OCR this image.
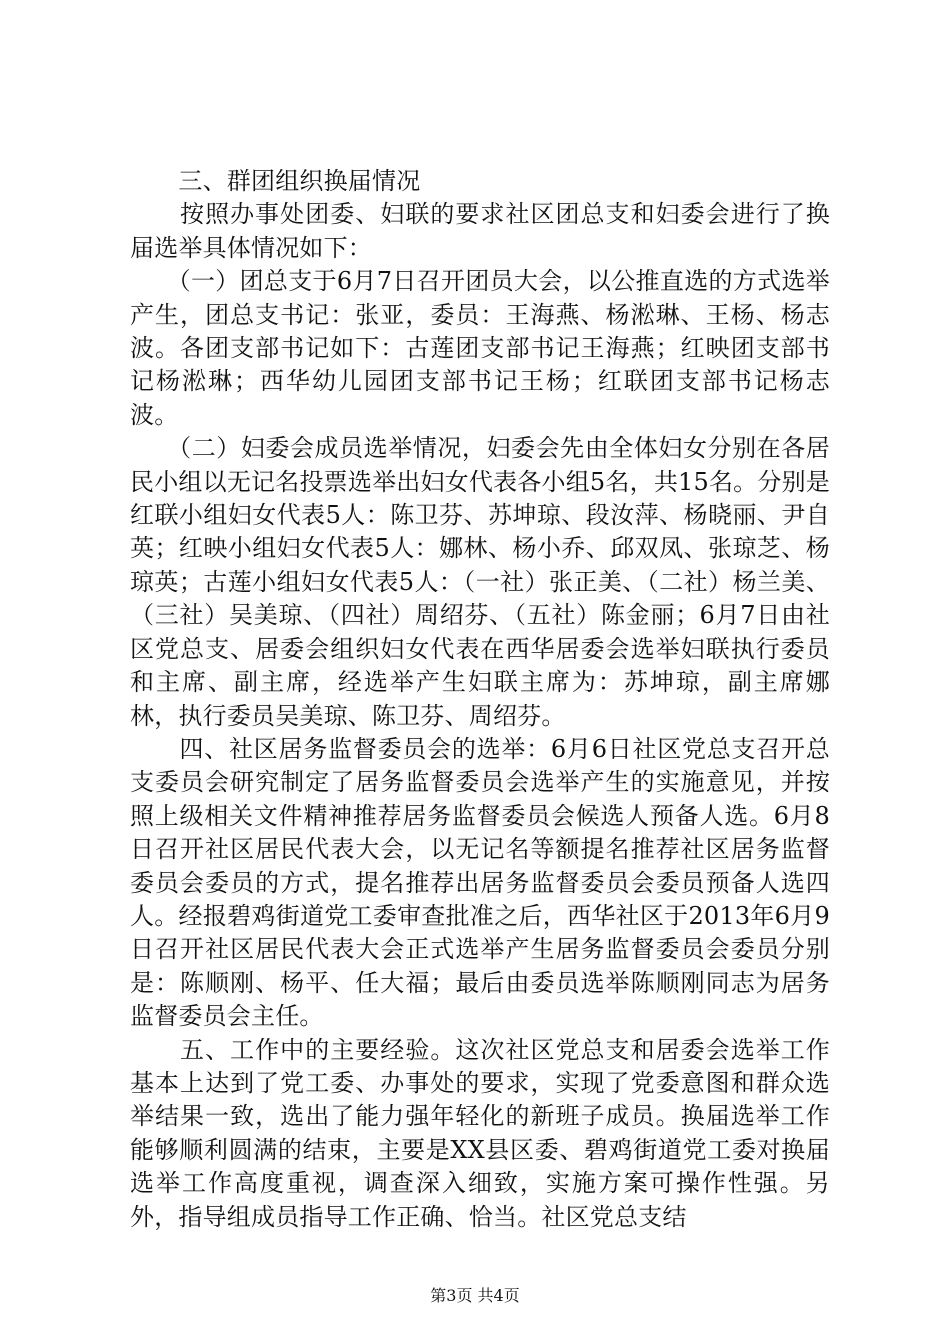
　　三、群团组织换届情况

　　按照办事处团委、妇联的要求社区团总支和妇委会进行了换届选举具体情况如下：

　　（一）团总支于6月7日召开团员大会，以公推直选的方式选举产生，团总支书记：张亚，委员：王海燕、杨淞琳、王杨、杨志波。各团支部书记如下：古莲团支部书记王海燕；红映团支部书记杨淞琳；西华幼儿园团支部书记王杨；红联团支部书记杨志波。

　　（二）妇委会成员选举情况，妇委会先由全体妇女分别在各居民小组以无记名投票选举出妇女代表各小组5名，共15名。分别是红联小组妇女代表5人：陈卫芬、苏坤琼、段汝萍、杨晓丽、尹自英；红映小组妇女代表5人：娜林、杨小乔、邱双凤、张琼芝、杨琼英；古莲小组妇女代表5人：（一社）张正美、（二社）杨兰美、（三社）吴美琼、（四社）周绍芬、（五社）陈金丽；6月7日由社区党总支、居委会组织妇女代表在西华居委会选举妇联执行委员和主席、副主席，经选举产生妇联主席为：苏坤琼，副主席娜林，执行委员吴美琼、陈卫芬、周绍芬。

　　四、社区居务监督委员会的选举：6月6日社区党总支召开总支委员会研究制定了居务监督委员会选举产生的实施意见，并按照上级相关文件精神推荐居务监督委员会候选人预备人选。6月8日召开社区居民代表大会，以无记名等额提名推荐社区居务监督委员会委员的方式，提名推荐出居务监督委员会委员预备人选四人。经报碧鸡街道党工委审查批准之后，西华社区于2013年6月9日召开社区居民代表大会正式选举产生居务监督委员会委员分别是：陈顺刚、杨平、任大福；最后由委员选举陈顺刚同志为居务监督委员会主任。

　　五、工作中的主要经验。这次社区党总支和居委会选举工作基本上达到了党工委、办事处的要求，实现了党委意图和群众选举结果一致，选出了能力强年轻化的新班子成员。换届选举工作能够顺利圆满的结束，主要是XX县区委、碧鸡街道党工委对换届选举工作高度重视，调查深入细致，实施方案可操作性强。另外，指导组成员指导工作正确、恰当。社区党总支结

第3页 共4页
